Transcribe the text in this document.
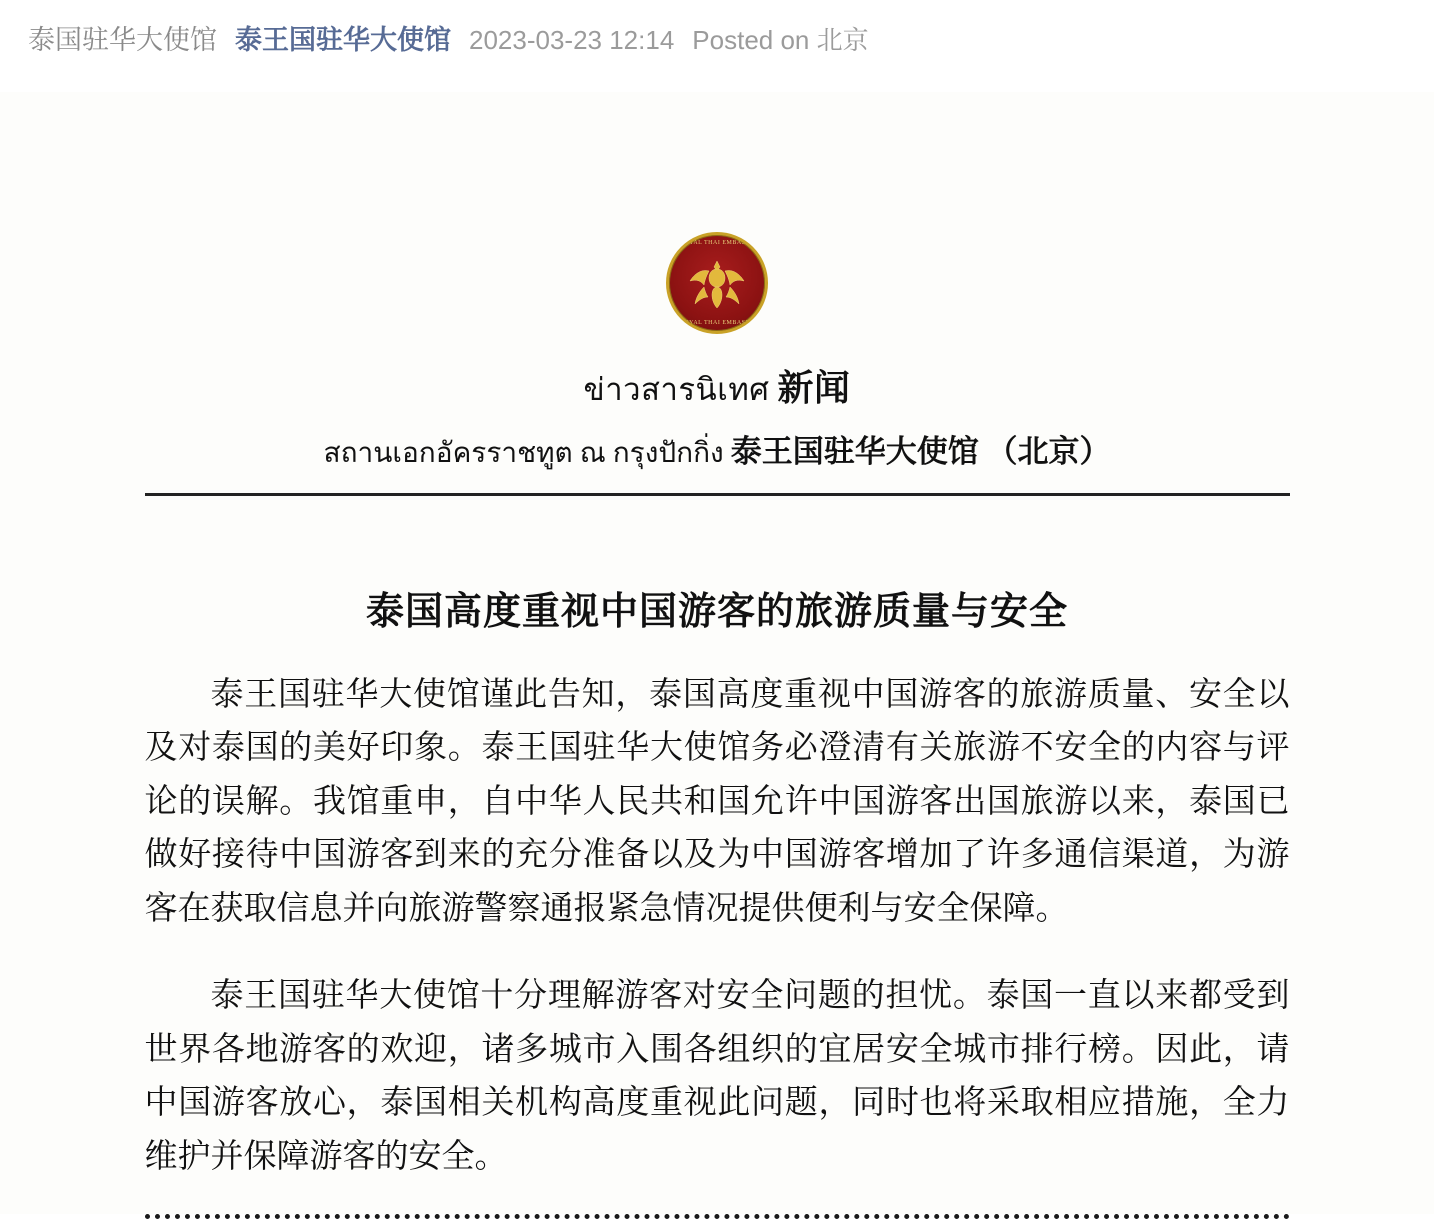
泰国驻华大使馆 泰王国驻华大使馆 2023-03-23 12:14 Posted on 北京
ROYAL THAI EMBASSY
ROYAL THAI EMBASSY
ข่าวสารนิเทศ 新闻
สถานเอกอัครราชทูต ณ กรุงปักกิ่ง 泰王国驻华大使馆 （北京）
泰国高度重视中国游客的旅游质量与安全

泰王国驻华大使馆谨此告知，泰国高度重视中国游客的旅游质量、安全以及对泰国的美好印象。泰王国驻华大使馆务必澄清有关旅游不安全的内容与评论的误解。我馆重申，自中华人民共和国允许中国游客出国旅游以来，泰国已做好接待中国游客到来的充分准备以及为中国游客增加了许多通信渠道，为游客在获取信息并向旅游警察通报紧急情况提供便利与安全保障。

泰王国驻华大使馆十分理解游客对安全问题的担忧。泰国一直以来都受到世界各地游客的欢迎，诸多城市入围各组织的宜居安全城市排行榜。因此，请中国游客放心，泰国相关机构高度重视此问题，同时也将采取相应措施，全力维护并保障游客的安全。
